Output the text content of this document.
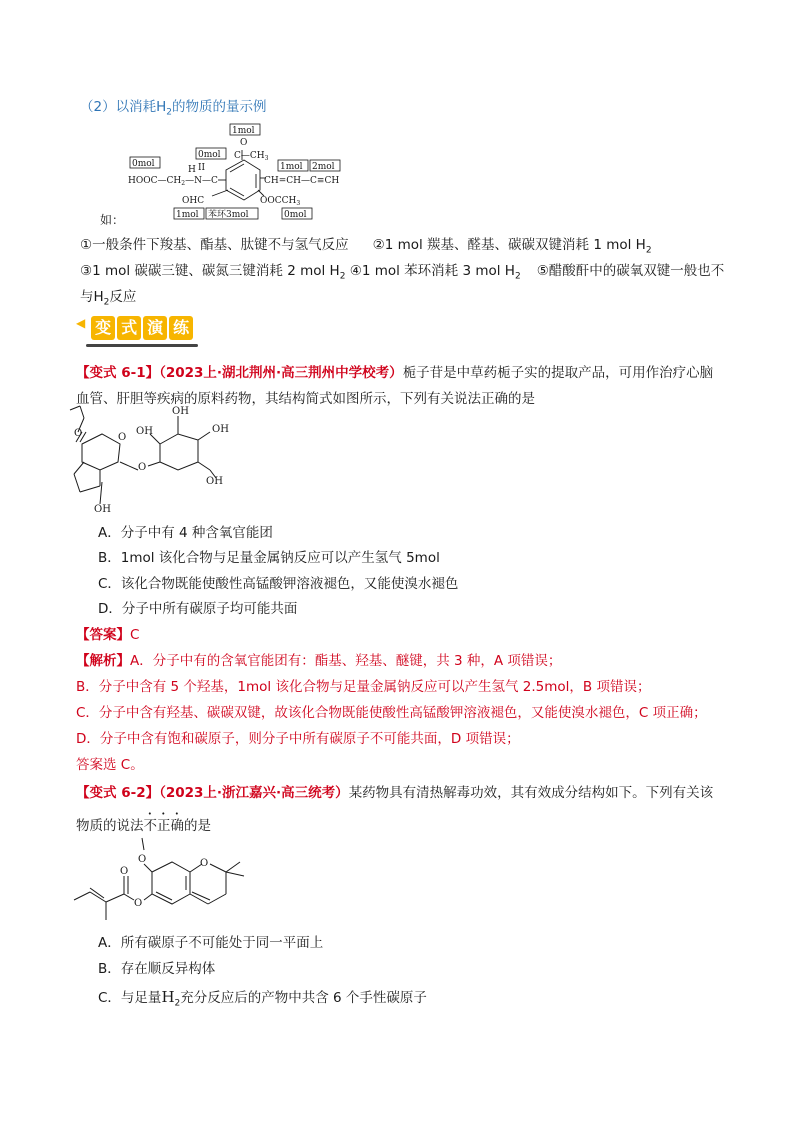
（2）以消耗$H_2$的物质的量示例
1mol
0mol
0mol
1mol 2mol
1mol 苯环3mol	0mol
O
$C—CH_3$
II
$HOOC—CH_2—N—C$
H
CH=CH—C≡CH
OHC	$OOCCH_3$
如：
①一般条件下羧基、酯基、肽键不与氢气反应 ②1 mol 羰基、醛基、碳碳双键消耗 1 mol $H_2$
③1 mol 碳碳三键、碳氮三键消耗 2 mol $H_2$ ④1 mol 苯环消耗 3 mol $H_2$ ⑤醋酸酐中的碳氧双键一般也不
与$H_2$反应
◀ 变 式 演 练
【变式 6-1】（2023上·湖北荆州·高三荆州中学校考）栀子苷是中草药栀子实的提取产品，可用作治疗心脑
血管、肝胆等疾病的原料药物，其结构简式如图所示，下列有关说法正确的是
O	O
O
OH
OH	OH
OH
OH
A．分子中有 4 种含氧官能团
B．1mol 该化合物与足量金属钠反应可以产生氢气 5mol
C．该化合物既能使酸性高锰酸钾溶液褪色，又能使溴水褪色
D．分子中所有碳原子均可能共面
【答案】C
【解析】A．分子中有的含氧官能团有：酯基、羟基、醚键，共 3 种，A 项错误；
B．分子中含有 5 个羟基，1mol 该化合物与足量金属钠反应可以产生氢气 2.5mol，B 项错误；
C．分子中含有羟基、碳碳双键，故该化合物既能使酸性高锰酸钾溶液褪色，又能使溴水褪色，C 项正确；
D．分子中含有饱和碳原子，则分子中所有碳原子不可能共面，D 项错误；
答案选 C。
【变式 6-2】（2023上·浙江嘉兴·高三统考）某药物具有清热解毒功效，其有效成分结构如下。下列有关该
物质的说法不正确的是
O	O
O
O
A．所有碳原子不可能处于同一平面上
B．存在顺反异构体
C．与足量$H_2$充分反应后的产物中共含 6 个手性碳原子
